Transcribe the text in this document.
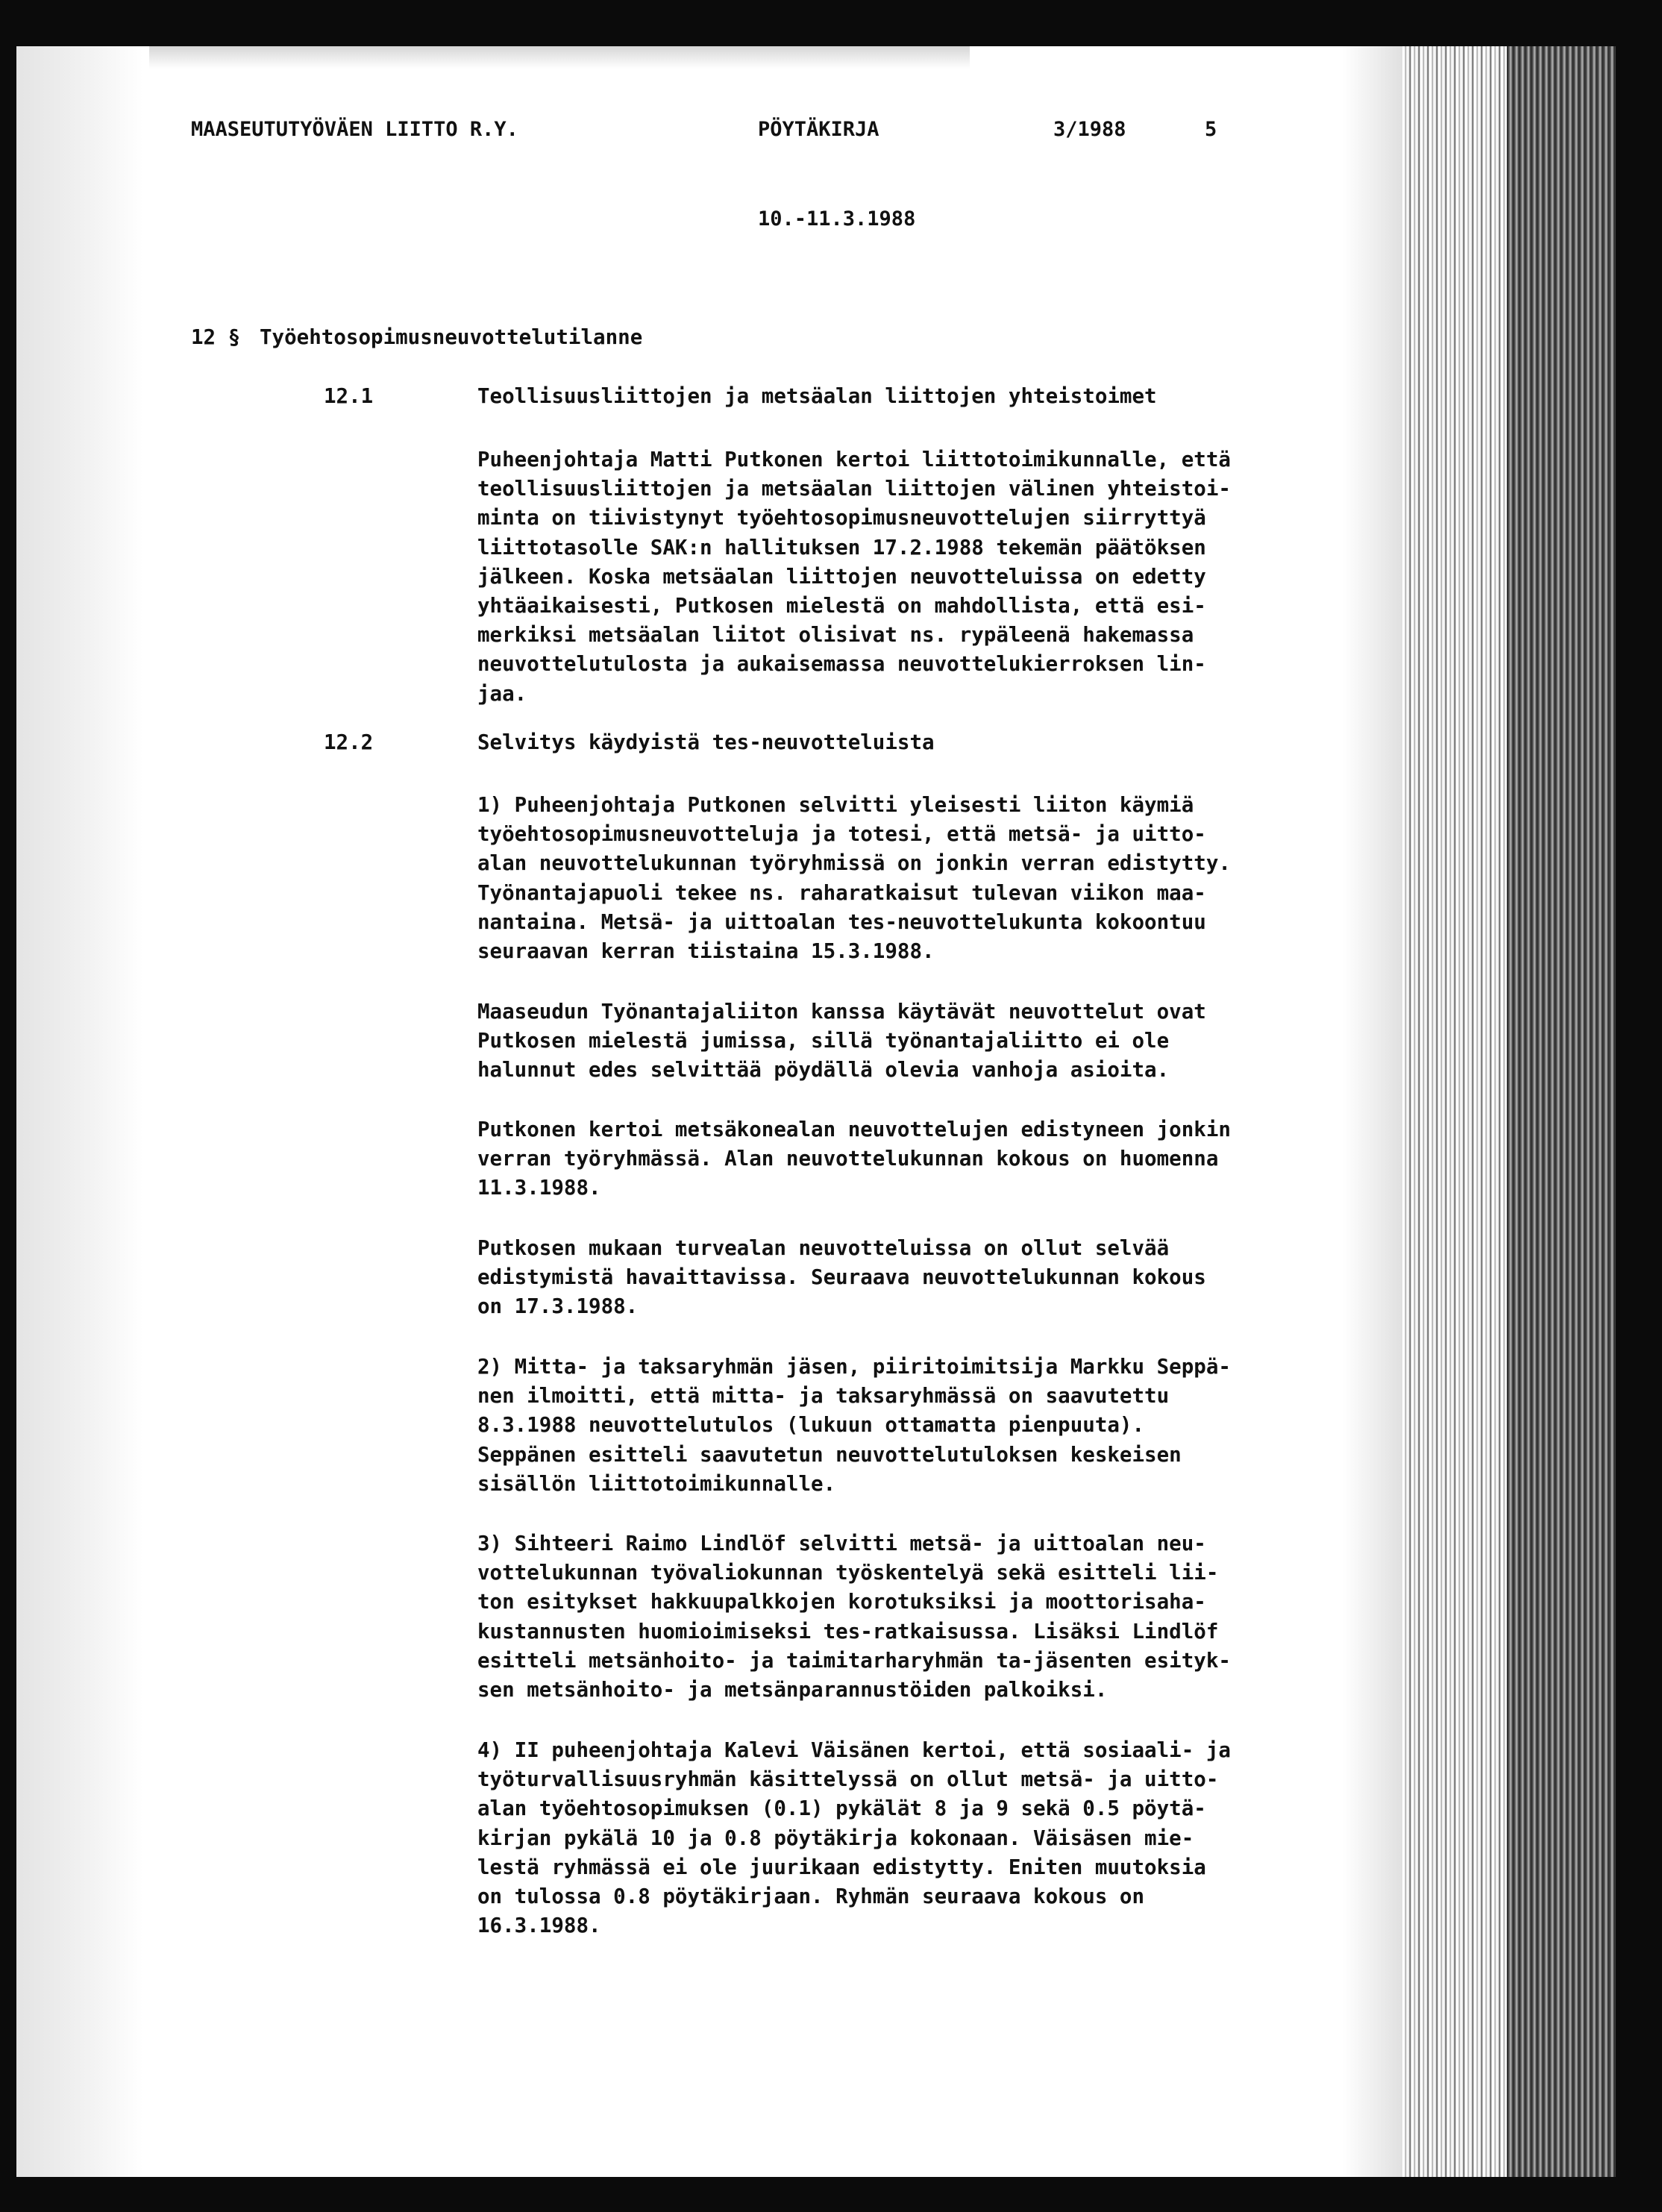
MAASEUTUTYÖVÄEN LIITTO R.Y.	PÖYTÄKIRJA	3/1988	5
10.-11.3.1988
12 § Työehtosopimusneuvottelutilanne
12.1	Teollisuusliittojen ja metsäalan liittojen yhteistoimet
Puheenjohtaja Matti Putkonen kertoi liittotoimikunnalle, että
teollisuusliittojen ja metsäalan liittojen välinen yhteistoi-
minta on tiivistynyt työehtosopimusneuvottelujen siirryttyä
liittotasolle SAK:n hallituksen 17.2.1988 tekemän päätöksen
jälkeen. Koska metsäalan liittojen neuvotteluissa on edetty
yhtäaikaisesti, Putkosen mielestä on mahdollista, että esi-
merkiksi metsäalan liitot olisivat ns. rypäleenä hakemassa
neuvottelutulosta ja aukaisemassa neuvottelukierroksen lin-
jaa.
12.2	Selvitys käydyistä tes-neuvotteluista
1) Puheenjohtaja Putkonen selvitti yleisesti liiton käymiä
työehtosopimusneuvotteluja ja totesi, että metsä- ja uitto-
alan neuvottelukunnan työryhmissä on jonkin verran edistytty.
Työnantajapuoli tekee ns. raharatkaisut tulevan viikon maa-
nantaina. Metsä- ja uittoalan tes-neuvottelukunta kokoontuu
seuraavan kerran tiistaina 15.3.1988.
Maaseudun Työnantajaliiton kanssa käytävät neuvottelut ovat
Putkosen mielestä jumissa, sillä työnantajaliitto ei ole
halunnut edes selvittää pöydällä olevia vanhoja asioita.
Putkonen kertoi metsäkonealan neuvottelujen edistyneen jonkin
verran työryhmässä. Alan neuvottelukunnan kokous on huomenna
11.3.1988.
Putkosen mukaan turvealan neuvotteluissa on ollut selvää
edistymistä havaittavissa. Seuraava neuvottelukunnan kokous
on 17.3.1988.
2) Mitta- ja taksaryhmän jäsen, piiritoimitsija Markku Seppä-
nen ilmoitti, että mitta- ja taksaryhmässä on saavutettu
8.3.1988 neuvottelutulos (lukuun ottamatta pienpuuta).
Seppänen esitteli saavutetun neuvottelutuloksen keskeisen
sisällön liittotoimikunnalle.
3) Sihteeri Raimo Lindlöf selvitti metsä- ja uittoalan neu-
vottelukunnan työvaliokunnan työskentelyä sekä esitteli lii-
ton esitykset hakkuupalkkojen korotuksiksi ja moottorisaha-
kustannusten huomioimiseksi tes-ratkaisussa. Lisäksi Lindlöf
esitteli metsänhoito- ja taimitarharyhmän ta-jäsenten esityk-
sen metsänhoito- ja metsänparannustöiden palkoiksi.
4) II puheenjohtaja Kalevi Väisänen kertoi, että sosiaali- ja
työturvallisuusryhmän käsittelyssä on ollut metsä- ja uitto-
alan työehtosopimuksen (0.1) pykälät 8 ja 9 sekä 0.5 pöytä-
kirjan pykälä 10 ja 0.8 pöytäkirja kokonaan. Väisäsen mie-
lestä ryhmässä ei ole juurikaan edistytty. Eniten muutoksia
on tulossa 0.8 pöytäkirjaan. Ryhmän seuraava kokous on
16.3.1988.
